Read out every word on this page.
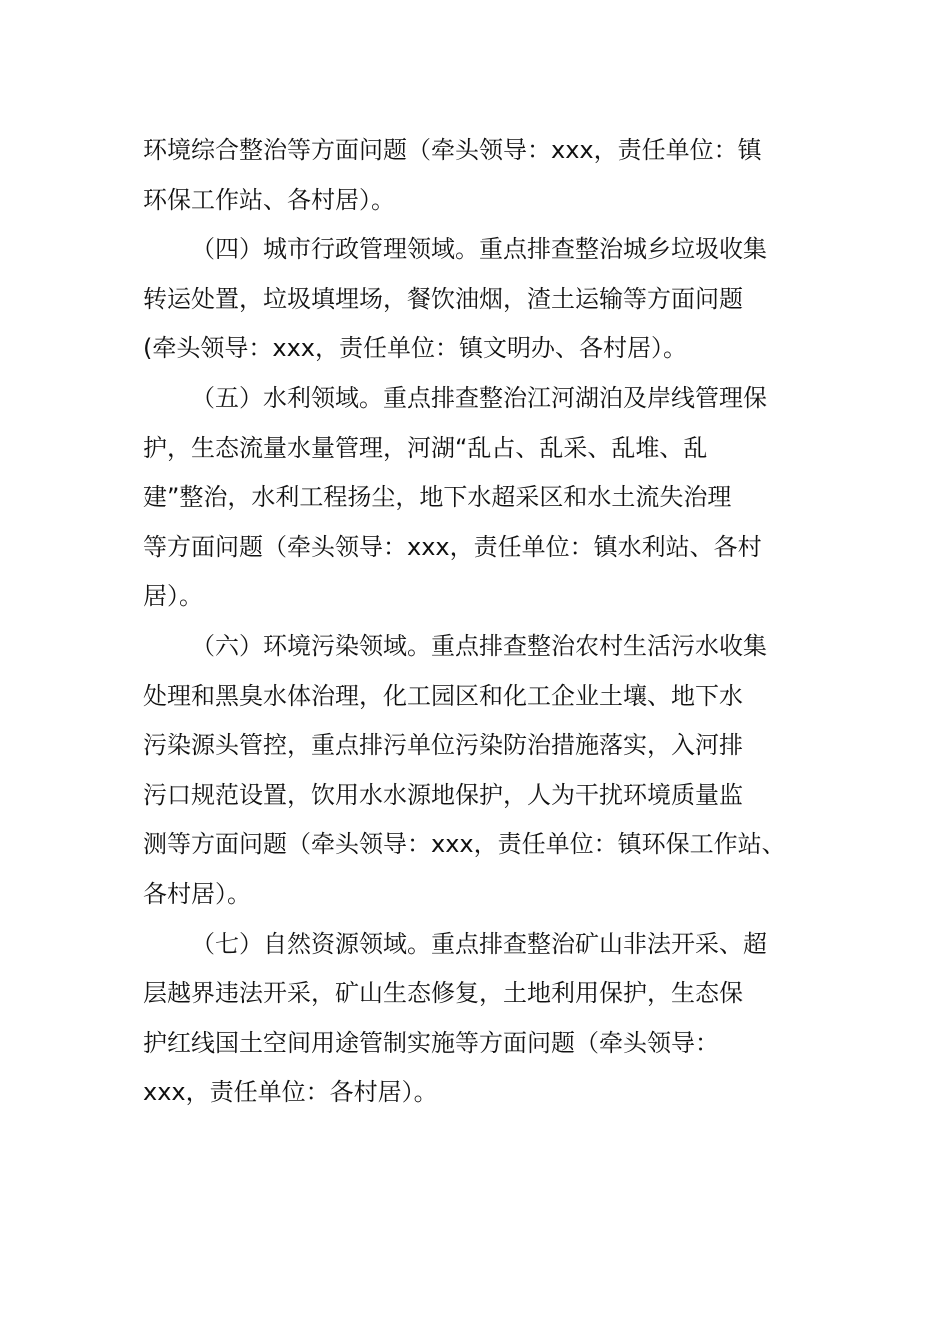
环境综合整治等方面问题（牵头领导：xxx，责任单位：镇
环保工作站、各村居）。
（四）城市行政管理领域。重点排查整治城乡垃圾收集
转运处置，垃圾填埋场，餐饮油烟，渣土运输等方面问题
(牵头领导：xxx，责任单位：镇文明办、各村居）。
（五）水利领域。重点排查整治江河湖泊及岸线管理保
护，生态流量水量管理，河湖“乱占、乱采、乱堆、乱
建”整治，水利工程扬尘，地下水超采区和水土流失治理
等方面问题（牵头领导：xxx，责任单位：镇水利站、各村
居）。
（六）环境污染领域。重点排查整治农村生活污水收集
处理和黑臭水体治理，化工园区和化工企业土壤、地下水
污染源头管控，重点排污单位污染防治措施落实，入河排
污口规范设置，饮用水水源地保护，人为干扰环境质量监
测等方面问题（牵头领导：xxx，责任单位：镇环保工作站、
各村居）。
（七）自然资源领域。重点排查整治矿山非法开采、超
层越界违法开采，矿山生态修复，土地利用保护，生态保
护红线国土空间用途管制实施等方面问题（牵头领导：
xxx，责任单位：各村居）。
